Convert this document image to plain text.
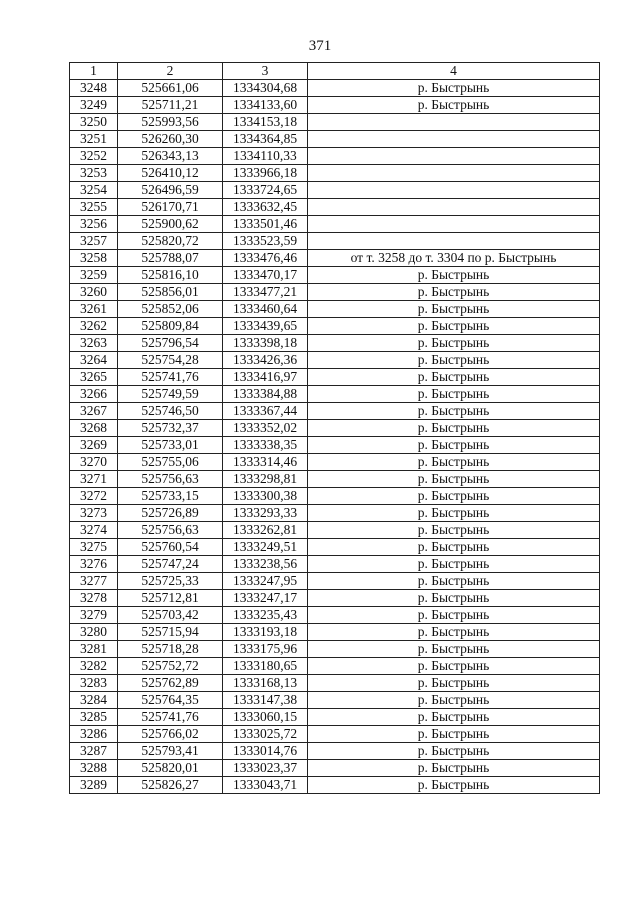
371
1	2	3	4
3248	525661,06	1334304,68	р. Быстрынь
3249	525711,21	1334133,60	р. Быстрынь
3250	525993,56	1334153,18	
3251	526260,30	1334364,85	
3252	526343,13	1334110,33	
3253	526410,12	1333966,18	
3254	526496,59	1333724,65	
3255	526170,71	1333632,45	
3256	525900,62	1333501,46	
3257	525820,72	1333523,59	
3258	525788,07	1333476,46	от т. 3258 до т. 3304 по р. Быстрынь
3259	525816,10	1333470,17	р. Быстрынь
3260	525856,01	1333477,21	р. Быстрынь
3261	525852,06	1333460,64	р. Быстрынь
3262	525809,84	1333439,65	р. Быстрынь
3263	525796,54	1333398,18	р. Быстрынь
3264	525754,28	1333426,36	р. Быстрынь
3265	525741,76	1333416,97	р. Быстрынь
3266	525749,59	1333384,88	р. Быстрынь
3267	525746,50	1333367,44	р. Быстрынь
3268	525732,37	1333352,02	р. Быстрынь
3269	525733,01	1333338,35	р. Быстрынь
3270	525755,06	1333314,46	р. Быстрынь
3271	525756,63	1333298,81	р. Быстрынь
3272	525733,15	1333300,38	р. Быстрынь
3273	525726,89	1333293,33	р. Быстрынь
3274	525756,63	1333262,81	р. Быстрынь
3275	525760,54	1333249,51	р. Быстрынь
3276	525747,24	1333238,56	р. Быстрынь
3277	525725,33	1333247,95	р. Быстрынь
3278	525712,81	1333247,17	р. Быстрынь
3279	525703,42	1333235,43	р. Быстрынь
3280	525715,94	1333193,18	р. Быстрынь
3281	525718,28	1333175,96	р. Быстрынь
3282	525752,72	1333180,65	р. Быстрынь
3283	525762,89	1333168,13	р. Быстрынь
3284	525764,35	1333147,38	р. Быстрынь
3285	525741,76	1333060,15	р. Быстрынь
3286	525766,02	1333025,72	р. Быстрынь
3287	525793,41	1333014,76	р. Быстрынь
3288	525820,01	1333023,37	р. Быстрынь
3289	525826,27	1333043,71	р. Быстрынь
